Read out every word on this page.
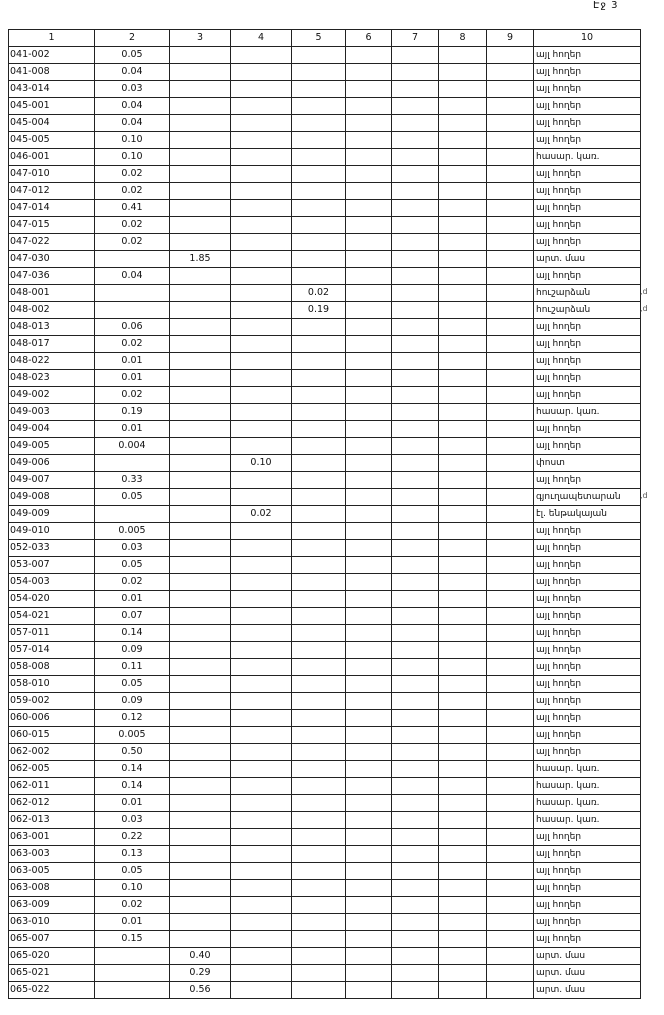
Էջ 3
1	2	3	4	5	6	7	8	9	10
041-002	0.05								այլ հողեր
041-008	0.04								այլ հողեր
043-014	0.03								այլ հողեր
045-001	0.04								այլ հողեր
045-004	0.04								այլ հողեր
045-005	0.10								այլ հողեր
046-001	0.10								հասար. կառ.
047-010	0.02								այլ հողեր
047-012	0.02								այլ հողեր
047-014	0.41								այլ հողեր
047-015	0.02								այլ հողեր
047-022	0.02								այլ հողեր
047-030		1.85							արտ. մաս
047-036	0.04								այլ հողեր
048-001				0.02					հուշարձան
048-002				0.19					հուշարձան
048-013	0.06								այլ հողեր
048-017	0.02								այլ հողեր
048-022	0.01								այլ հողեր
048-023	0.01								այլ հողեր
049-002	0.02								այլ հողեր
049-003	0.19								հասար. կառ.
049-004	0.01								այլ հողեր
049-005	0.004								այլ հողեր
049-006			0.10						փոստ
049-007	0.33								այլ հողեր
049-008	0.05								գյուղապետարան
049-009			0.02						էլ. ենթակայան
049-010	0.005								այլ հողեր
052-033	0.03								այլ հողեր
053-007	0.05								այլ հողեր
054-003	0.02								այլ հողեր
054-020	0.01								այլ հողեր
054-021	0.07								այլ հողեր
057-011	0.14								այլ հողեր
057-014	0.09								այլ հողեր
058-008	0.11								այլ հողեր
058-010	0.05								այլ հողեր
059-002	0.09								այլ հողեր
060-006	0.12								այլ հողեր
060-015	0.005								այլ հողեր
062-002	0.50								այլ հողեր
062-005	0.14								հասար. կառ.
062-011	0.14								հասար. կառ.
062-012	0.01								հասար. կառ.
062-013	0.03								հասար. կառ.
063-001	0.22								այլ հողեր
063-003	0.13								այլ հողեր
063-005	0.05								այլ հողեր
063-008	0.10								այլ հողեր
063-009	0.02								այլ հողեր
063-010	0.01								այլ հողեր
065-007	0.15								այլ հողեր
065-020		0.40							արտ. մաս
065-021		0.29							արտ. մաս
065-022		0.56							արտ. մաս
,d
,d
,d
